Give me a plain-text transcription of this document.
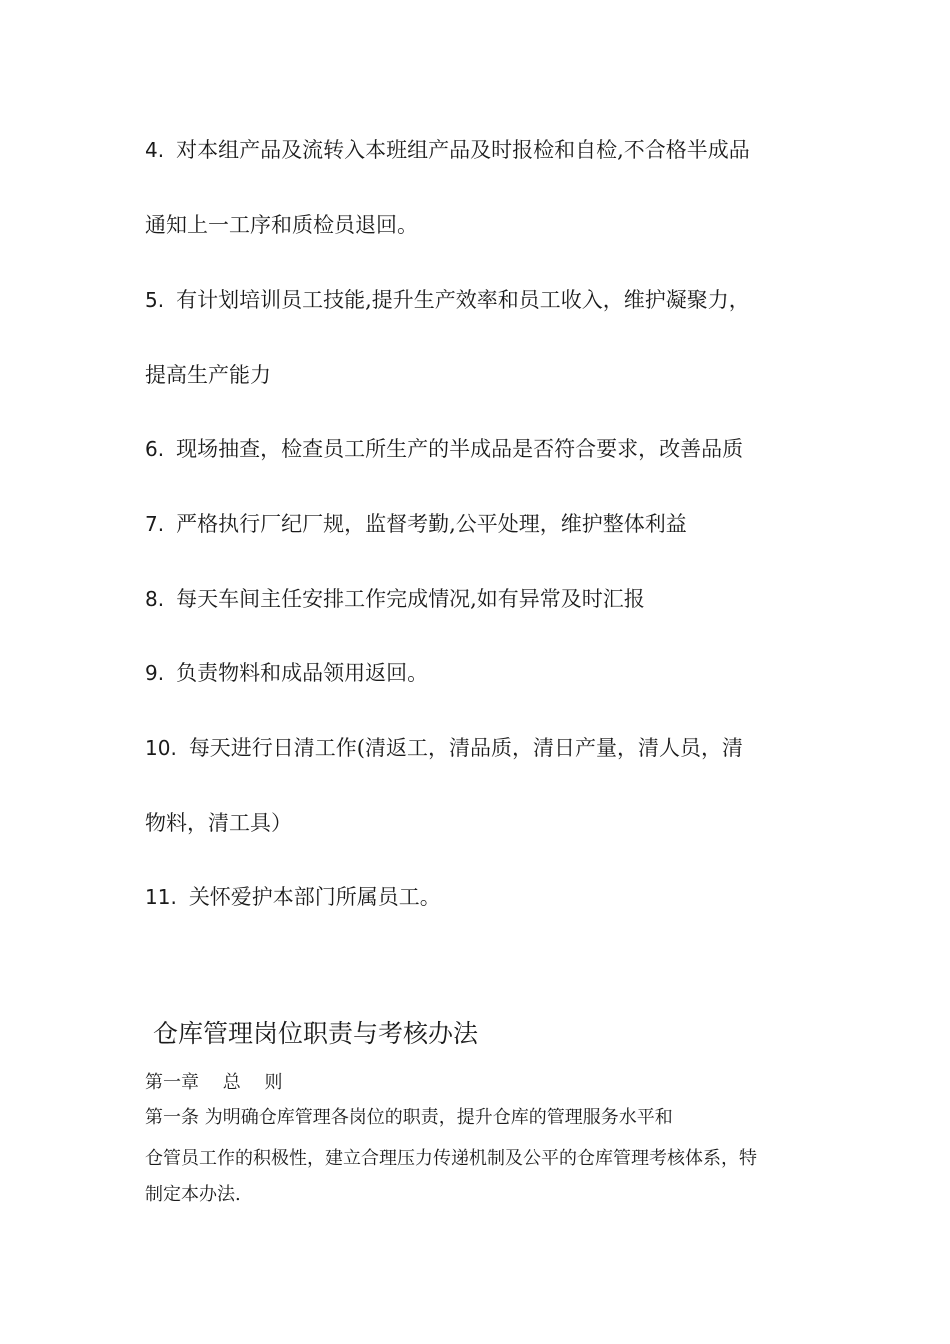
4. 对本组产品及流转入本班组产品及时报检和自检,不合格半成品
通知上一工序和质检员退回。
5. 有计划培训员工技能,提升生产效率和员工收入，维护凝聚力，
提高生产能力
6. 现场抽查，检查员工所生产的半成品是否符合要求，改善品质
7. 严格执行厂纪厂规，监督考勤,公平处理，维护整体利益
8. 每天车间主任安排工作完成情况,如有异常及时汇报
9. 负责物料和成品领用返回。
10. 每天进行日清工作(清返工，清品质，清日产量，清人员，清
物料，清工具）
11. 关怀爱护本部门所属员工。
仓库管理岗位职责与考核办法
第一章　 总　 则
第一条 为明确仓库管理各岗位的职责，提升仓库的管理服务水平和
仓管员工作的积极性，建立合理压力传递机制及公平的仓库管理考核体系，特
制定本办法.
